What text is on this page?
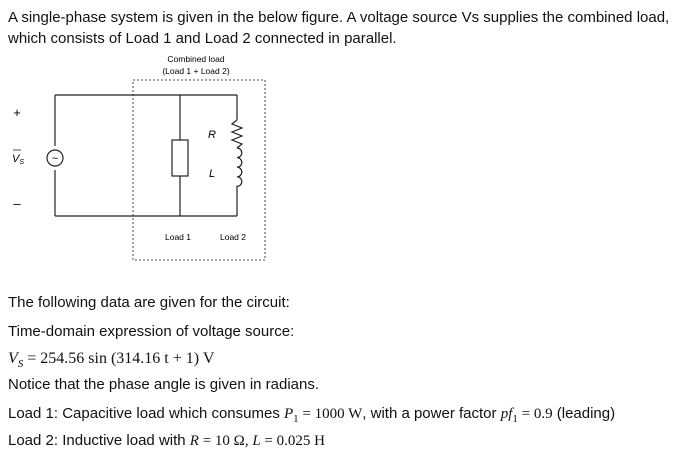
A single-phase system is given in the below figure. A voltage source Vs supplies the combined load, which consists of Load 1 and Load 2 connected in parallel.

Combined load
(Load 1 + Load 2)
~
+
–
VS
R
L
Load 1	Load 2

The following data are given for the circuit:

Time-domain expression of voltage source:

$V_S = 254.56$ sin (314.16 t + 1) V

Notice that the phase angle is given in radians.

Load 1: Capacitive load which consumes $P_1 = 1000$ W, with a power factor $pf_1 = 0.9$ (leading)

Load 2: Inductive load with R = 10 Ω, L = 0.025 H
